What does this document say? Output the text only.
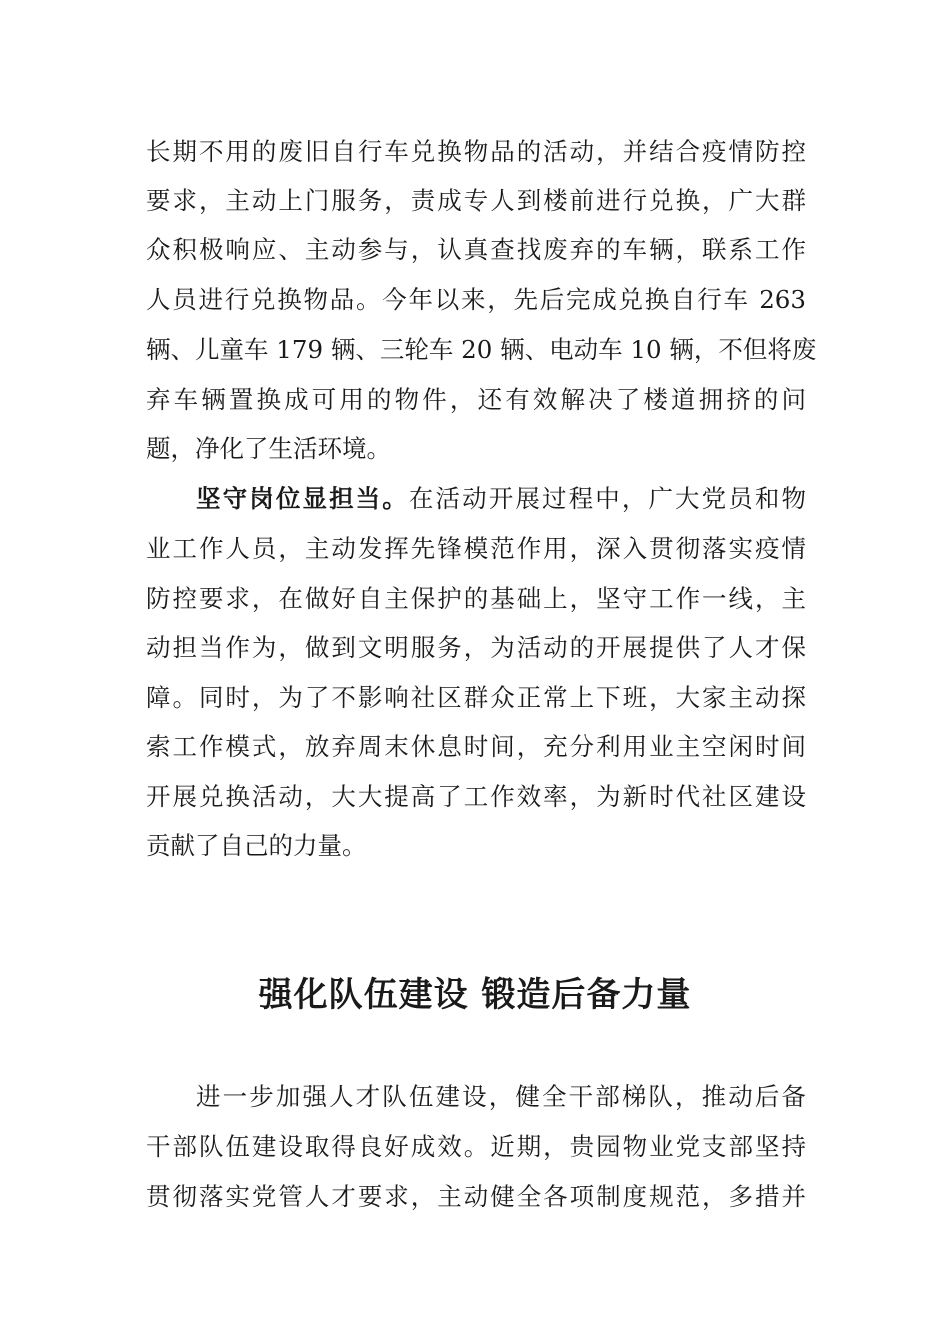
长期不用的废旧自行车兑换物品的活动，并结合疫情防控
要求，主动上门服务，责成专人到楼前进行兑换，广大群
众积极响应、主动参与，认真查找废弃的车辆，联系工作
人员进行兑换物品。今年以来，先后完成兑换自行车 263
辆、儿童车 179 辆、三轮车 20 辆、电动车 10 辆，不但将废
弃车辆置换成可用的物件，还有效解决了楼道拥挤的问
题，净化了生活环境。
坚守岗位显担当。在活动开展过程中，广大党员和物
业工作人员，主动发挥先锋模范作用，深入贯彻落实疫情
防控要求，在做好自主保护的基础上，坚守工作一线，主
动担当作为，做到文明服务，为活动的开展提供了人才保
障。同时，为了不影响社区群众正常上下班，大家主动探
索工作模式，放弃周末休息时间，充分利用业主空闲时间
开展兑换活动，大大提高了工作效率，为新时代社区建设
贡献了自己的力量。
强化队伍建设 锻造后备力量
进一步加强人才队伍建设，健全干部梯队，推动后备
干部队伍建设取得良好成效。近期，贵园物业党支部坚持
贯彻落实党管人才要求，主动健全各项制度规范，多措并
